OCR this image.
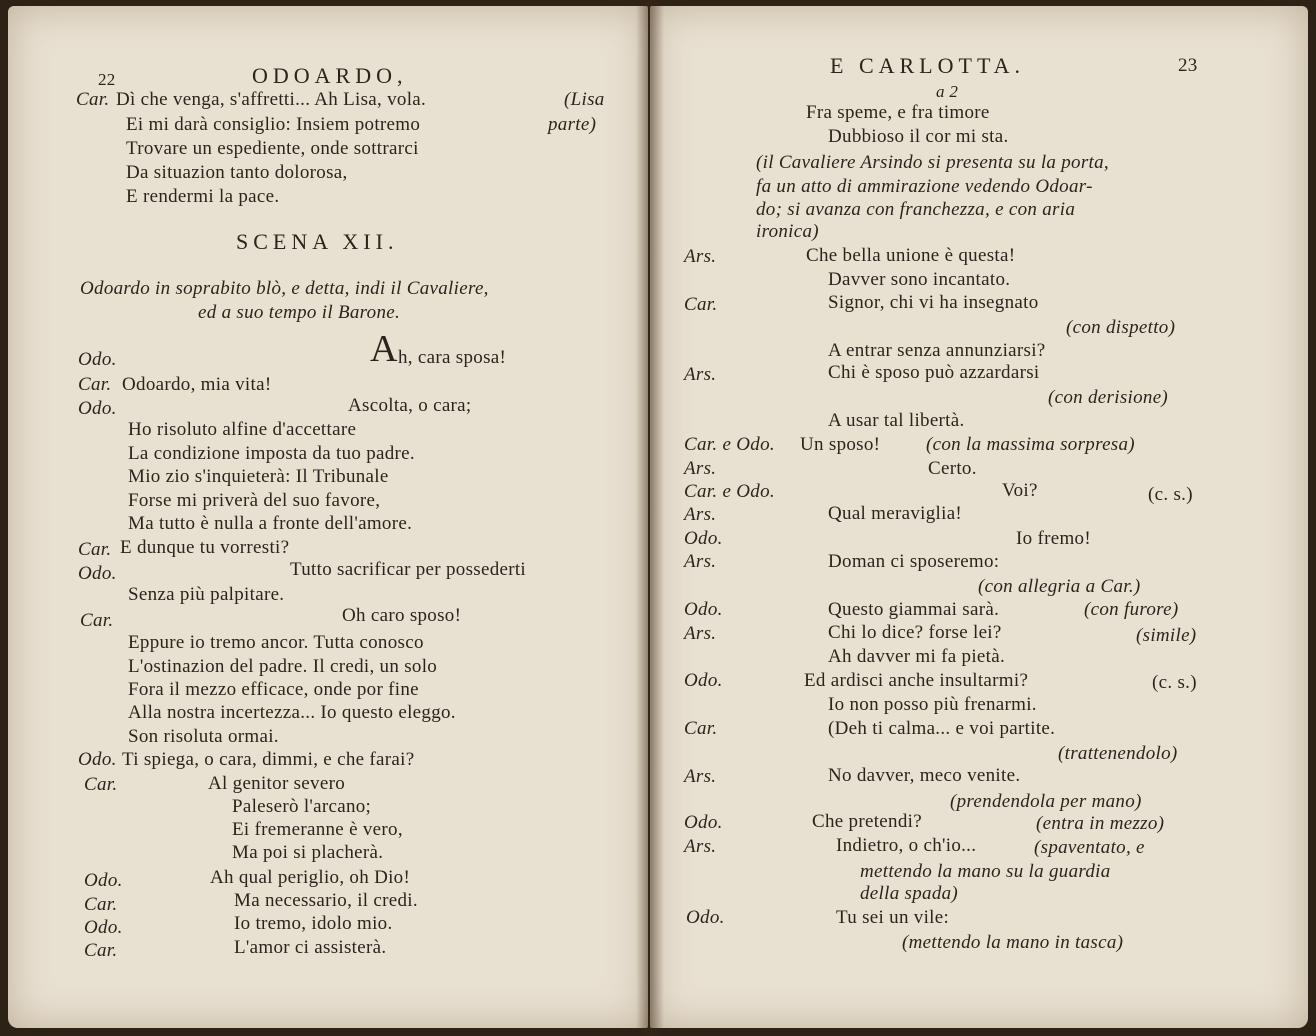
22	ODOARDO,
Car. Dì che venga, s'affretti... Ah Lisa, vola.	(Lisa
Ei mi darà consiglio: Insiem potremo	parte)
Trovare un espediente, onde sottrarci
Da situazion tanto dolorosa,
E rendermi la pace.
SCENA XII.
Odoardo in soprabito blò, e detta, indi il Cavaliere,
ed a suo tempo il Barone.
Odo.	A h, cara sposa!
Car. Odoardo, mia vita!
Odo.	Ascolta, o cara;
Ho risoluto alfine d'accettare
La condizione imposta da tuo padre.
Mio zio s'inquieterà: Il Tribunale
Forse mi priverà del suo favore,
Ma tutto è nulla a fronte dell'amore.
Car. E dunque tu vorresti?
Odo.	Tutto sacrificar per possederti
Senza più palpitare.
Car.	Oh caro sposo!
Eppure io tremo ancor. Tutta conosco
L'ostinazion del padre. Il credi, un solo
Fora il mezzo efficace, onde por fine
Alla nostra incertezza... Io questo eleggo.
Son risoluta ormai.
Odo. Ti spiega, o cara, dimmi, e che farai?
Car.	Al genitor severo
Paleserò l'arcano;
Ei fremeranne è vero,
Ma poi si placherà.
Odo.	Ah qual periglio, oh Dio!
Car.	Ma necessario, il credi.
Odo.	Io tremo, idolo mio.
Car.	L'amor ci assisterà.
E CARLOTTA.	23
a 2
Fra speme, e fra timore
Dubbioso il cor mi sta.
(il Cavaliere Arsindo si presenta su la porta,
fa un atto di ammirazione vedendo Odoar-
do; si avanza con franchezza, e con aria
ironica)
Ars.	Che bella unione è questa!
Davver sono incantato.
Car.	Signor, chi vi ha insegnato
(con dispetto)
A entrar senza annunziarsi?
Ars.	Chi è sposo può azzardarsi
(con derisione)
A usar tal libertà.
Car. e Odo. Un sposo! (con la massima sorpresa)
Ars.	Certo.
Car. e Odo.	Voi?	(c. s.)
Ars.	Qual meraviglia!
Odo.	Io fremo!
Ars.	Doman ci sposeremo:
(con allegria a Car.)
Odo.	Questo giammai sarà.	(con furore)
Ars.	Chi lo dice? forse lei?	(simile)
Ah davver mi fa pietà.
Odo.	Ed ardisci anche insultarmi?	(c. s.)
Io non posso più frenarmi.
Car.	(Deh ti calma... e voi partite.
(trattenendolo)
Ars.	No davver, meco venite.
(prendendola per mano)
Odo.	Che pretendi?	(entra in mezzo)
Ars.	Indietro, o ch'io...	(spaventato, e
mettendo la mano su la guardia
della spada)
Odo.	Tu sei un vile:
(mettendo la mano in tasca)
